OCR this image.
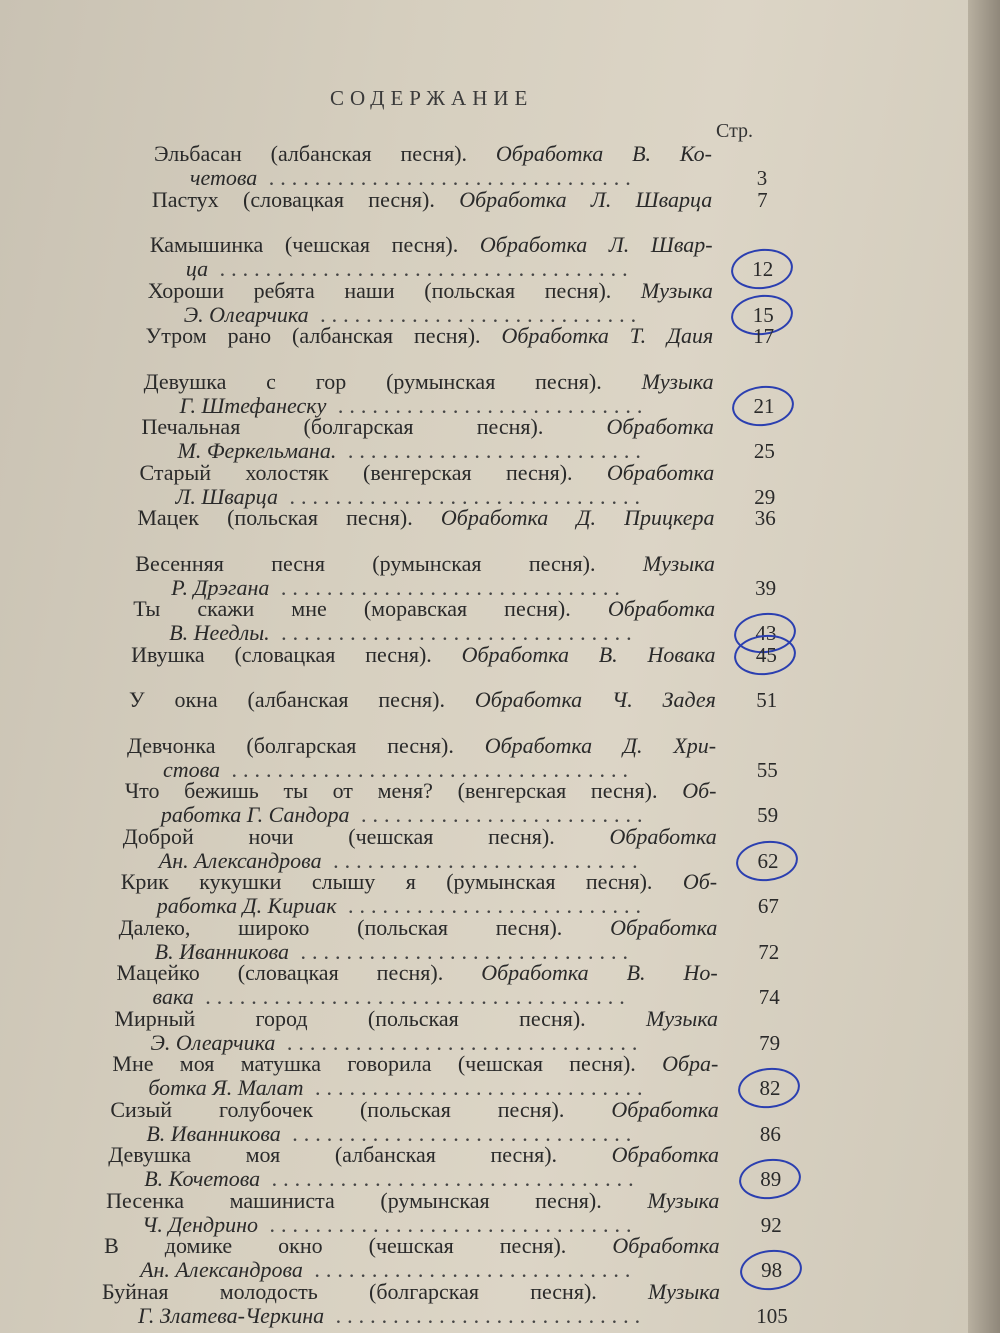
СОДЕРЖАНИЕ
Стр.
Эльбасан (албанская песня). Обработка В. Ко-
четова ................................	3
Пастух (словацкая песня). Обработка Л. Шварца	7
Камышинка (чешская песня). Обработка Л. Швар-
ца ....................................	12
Хороши ребята наши (польская песня). Музыка
Э. Олеарчика ............................	15
Утром рано (албанская песня). Обработка Т. Даия	17
Девушка с гор (румынская песня). Музыка
Г. Штефанеску ...........................	21
Печальная (болгарская песня). Обработка
М. Феркельмана. ..........................	25
Старый холостяк (венгерская песня). Обработка
Л. Шварца ...............................	29
Мацек (польская песня). Обработка Д. Прицкера	36
Весенняя песня (румынская песня). Музыка
Р. Дрэгана ..............................	39
Ты скажи мне (моравская песня). Обработка
В. Неедлы. ...............................	43
Ивушка (словацкая песня). Обработка В. Новака	45
У окна (албанская песня). Обработка Ч. Задея	51
Девчонка (болгарская песня). Обработка Д. Хри-
стова ...................................	55
Что бежишь ты от меня? (венгерская песня). Об-
работка Г. Сандора .........................	59
Доброй ночи (чешская песня). Обработка
Ан. Александрова ...........................	62
Крик кукушки слышу я (румынская песня). Об-
работка Д. Кириак ..........................	67
Далеко, широко (польская песня). Обработка
В. Иванникова .............................	72
Мацейко (словацкая песня). Обработка В. Но-
вака .....................................	74
Мирный город (польская песня). Музыка
Э. Олеарчика ...............................	79
Мне моя матушка говорила (чешская песня). Обра-
ботка Я. Малат .............................	82
Сизый голубочек (польская песня). Обработка
В. Иванникова ..............................	86
Девушка моя (албанская песня). Обработка
В. Кочетова ................................	89
Песенка машиниста (румынская песня). Музыка
Ч. Дендрино ................................	92
В домике окно (чешская песня). Обработка
Ан. Александрова ............................	98
Буйная молодость (болгарская песня). Музыка
Г. Златева-Черкина ...........................	105
